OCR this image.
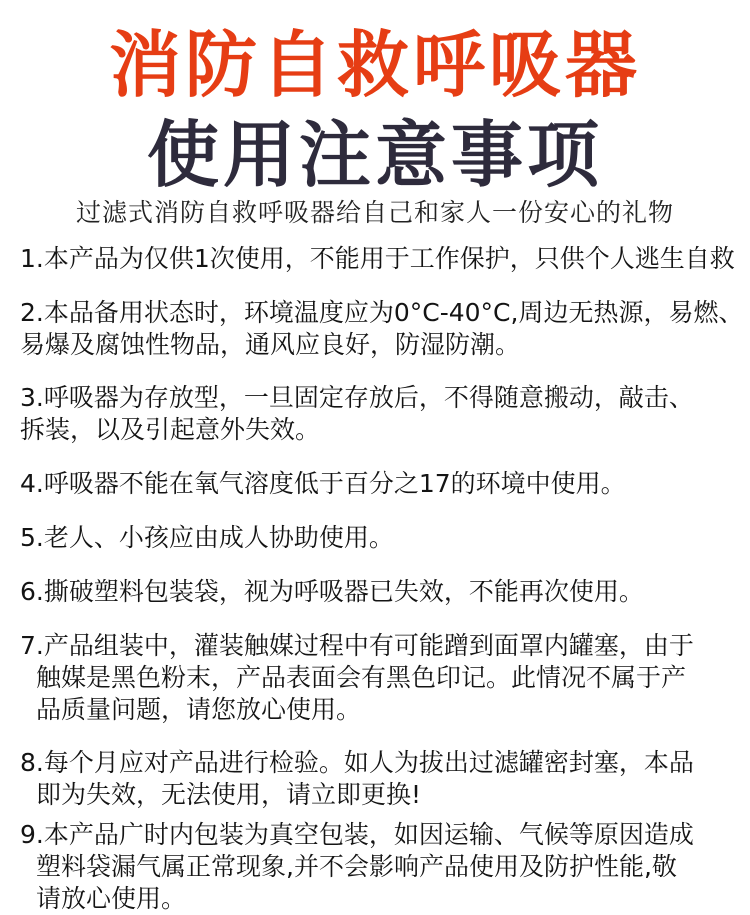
消防自救呼吸器
使用注意事项
过滤式消防自救呼吸器给自己和家人一份安心的礼物
1.本产品为仅供1次使用，不能用于工作保护，只供个人逃生自救
2.本品备用状态时，环境温度应为0°C-40°C,周边无热源，易燃、
易爆及腐蚀性物品，通风应良好，防湿防潮。
3.呼吸器为存放型，一旦固定存放后，不得随意搬动，敲击、
拆装，以及引起意外失效。
4.呼吸器不能在氧气溶度低于百分之17的环境中使用。
5.老人、小孩应由成人协助使用。
6.撕破塑料包装袋，视为呼吸器已失效，不能再次使用。
7.产品组装中，灌装触媒过程中有可能蹭到面罩内罐塞，由于
触媒是黑色粉末，产品表面会有黑色印记。此情况不属于产
品质量问题，请您放心使用。
8.每个月应对产品进行检验。如人为拔出过滤罐密封塞，本品
即为失效，无法使用，请立即更换!
9.本产品广时内包装为真空包装，如因运输、气候等原因造成
塑料袋漏气属正常现象,并不会影响产品使用及防护性能,敬
请放心使用。
